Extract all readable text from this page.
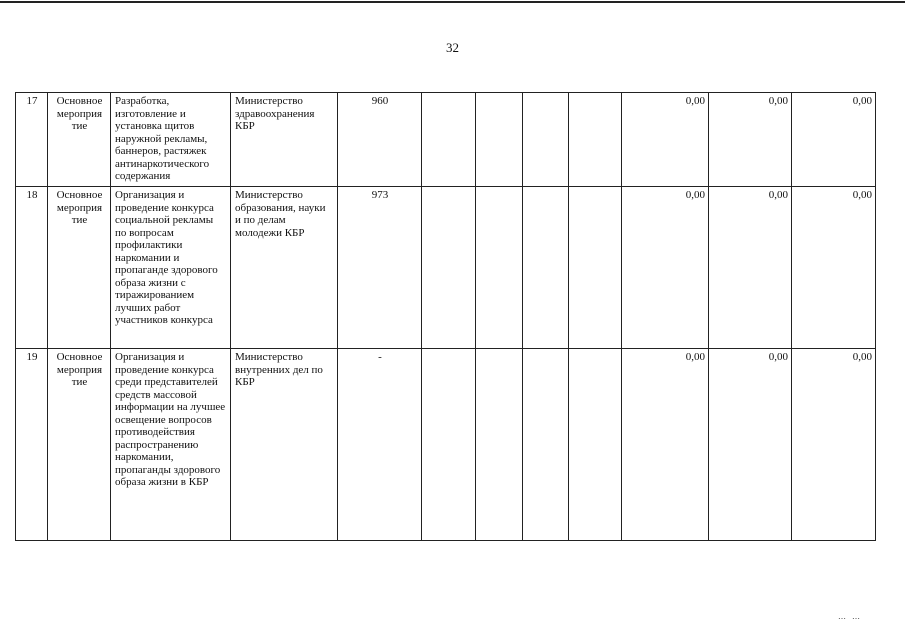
32
17	Основное мероприя тие	Разработка, изготовление и установка щитов наружной рекламы, баннеров, растяжек антинаркотического содержания	Министерство здравоохранения КБР	960					0,00	0,00	0,00
18	Основное мероприя тие	Организация и проведение конкурса социальной рекламы по вопросам профилактики наркомании и пропаганде здорового образа жизни с тиражированием лучших работ участников конкурса	Министерство образования, науки и по делам молодежи КБР	973					0,00	0,00	0,00
19	Основное мероприя тие	Организация и проведение конкурса среди представителей средств массовой информации на лучшее освещение вопросов противодействия распространению наркомании, пропаганды здорового образа жизни в КБР	Министерство внутренних дел по КБР	-					0,00	0,00	0,00
… …
